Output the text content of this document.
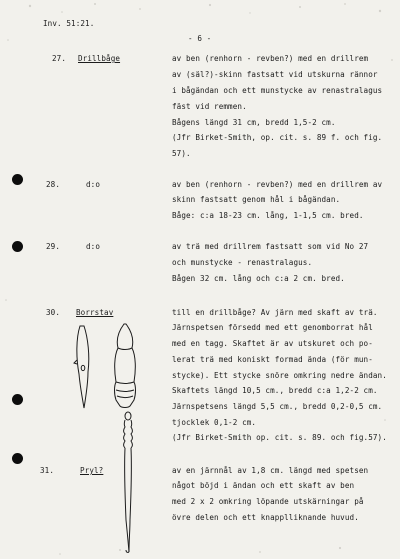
Inv. 51:21.
- 6 -
27. Drillbåge	av ben (renhorn - revben?) med en drillrem
av (säl?)-skinn fastsatt vid utskurna rännor
i bågändan och ett munstycke av renastralagus
fäst vid remmen.
Bågens längd 31 cm, bredd 1,5-2 cm.
(Jfr Birket-Smith, op. cit. s. 89 f. och fig.
57).
28.	d:o	av ben (renhorn - revben?) med en drillrem av
skinn fastsatt genom hål i bågändan.
Båge: c:a 18-23 cm. lång, 1-1,5 cm. bred.
29.	d:o	av trä med drillrem fastsatt som vid No 27
och munstycke - renastralagus.
Bågen 32 cm. lång och c:a 2 cm. bred.
30. Borrstav	till en drillbåge? Av järn med skaft av trä.
Järnspetsen försedd med ett genomborrat hål
med en tagg. Skaftet är av utskuret och po-
lerat trä med koniskt formad ända (för mun-
stycke). Ett stycke snöre omkring nedre ändan.
Skaftets längd 10,5 cm., bredd c:a 1,2-2 cm.
Järnspetsens längd 5,5 cm., bredd 0,2-0,5 cm.
tjocklek 0,1-2 cm.
(Jfr Birket-Smith op. cit. s. 89. och fig.57).
31.	Pryl?	av en järnnål av 1,8 cm. längd med spetsen
något böjd i ändan och ett skaft av ben
med 2 x 2 omkring löpande utskärningar på
övre delen och ett knapplliknande huvud.
